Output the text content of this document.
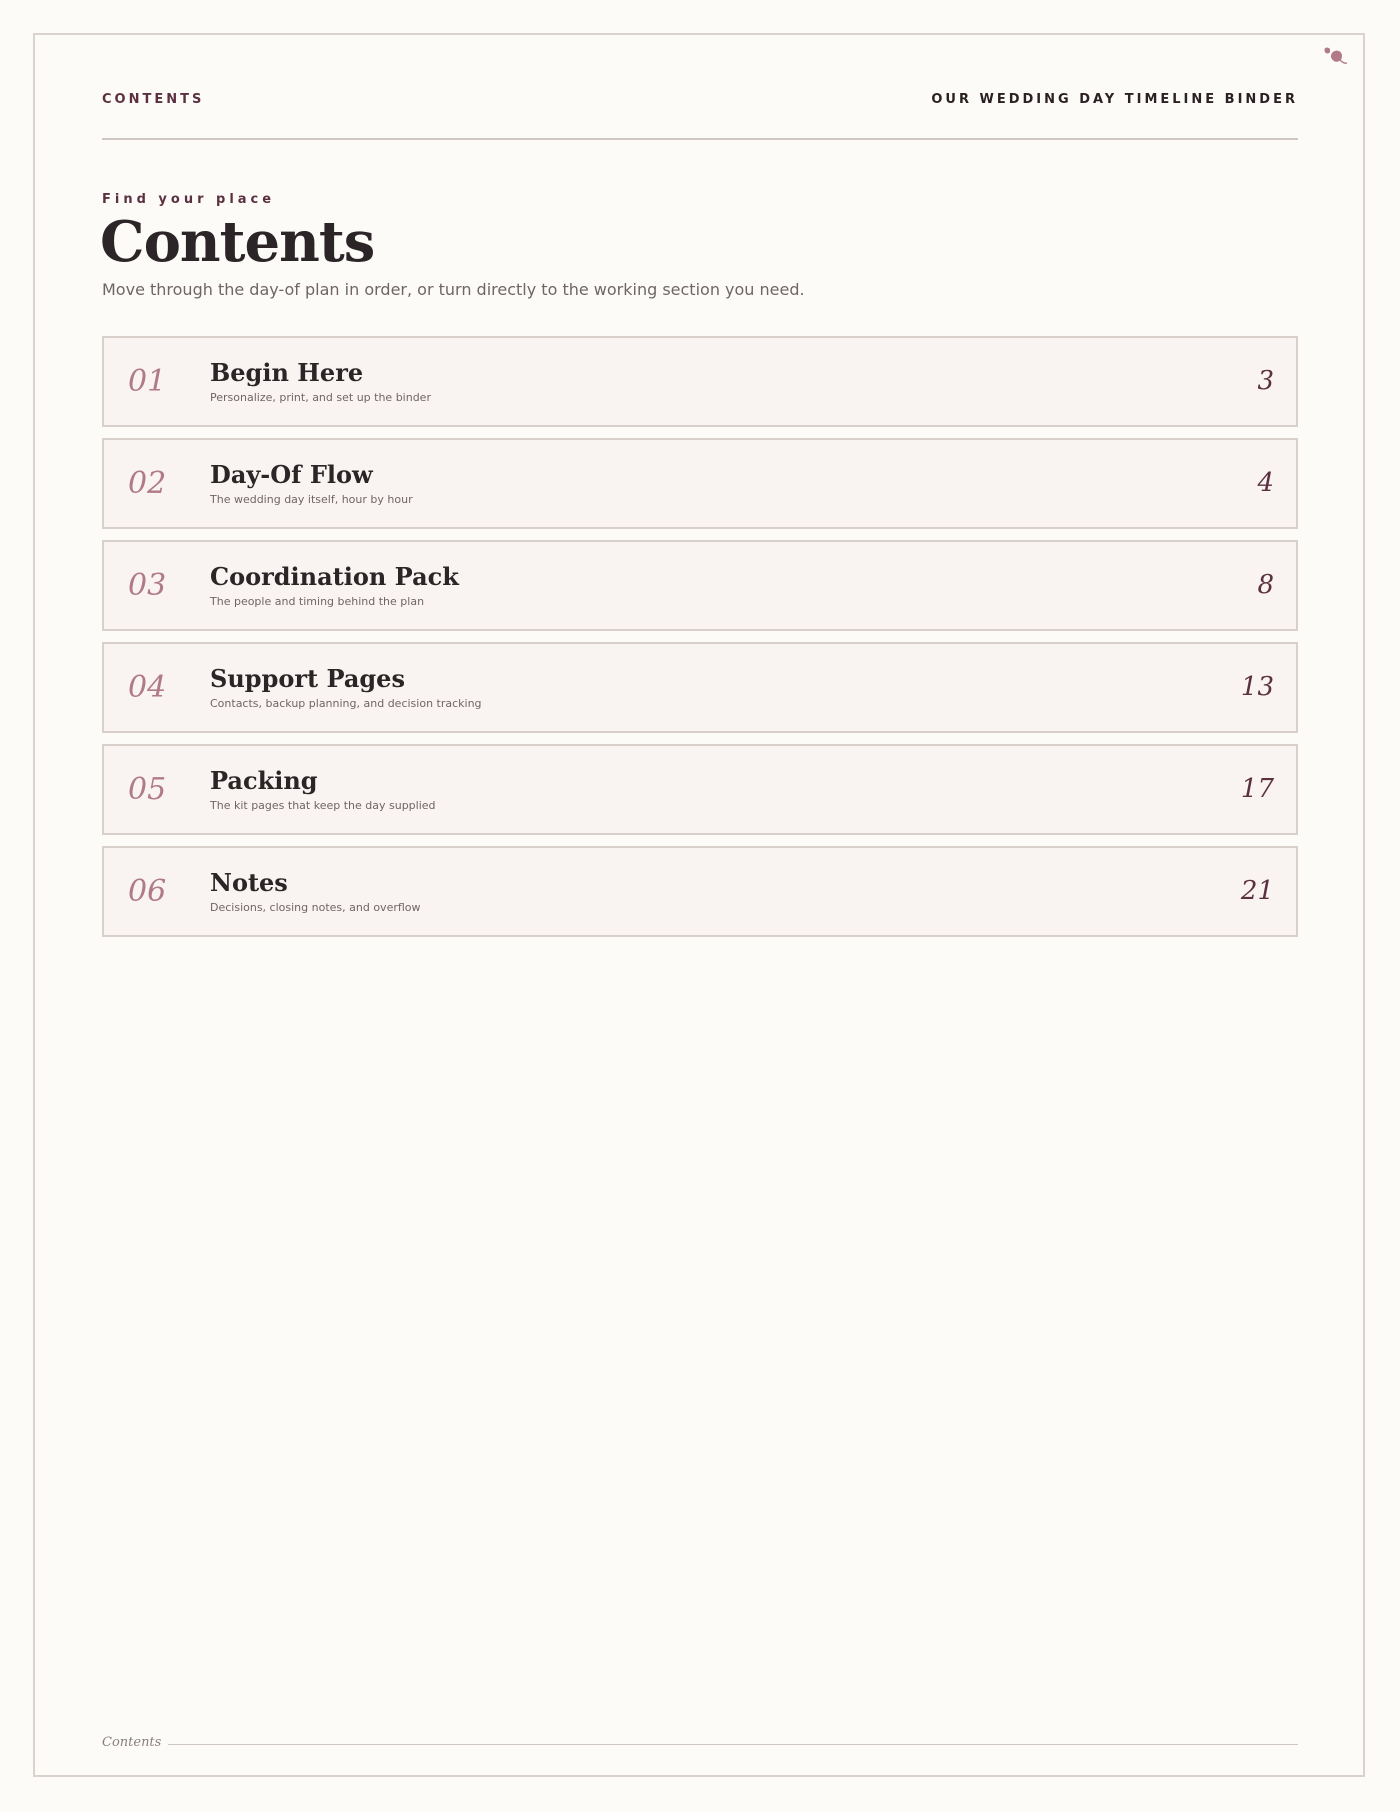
CONTENTS	OUR WEDDING DAY TIMELINE BINDER
Find your place
Contents
Move through the day-of plan in order, or turn directly to the working section you need.
01 Begin Here
Personalize, print, and set up the binder
3
02 Day-Of Flow
The wedding day itself, hour by hour
4
03 Coordination Pack
The people and timing behind the plan
8
04 Support Pages
Contacts, backup planning, and decision tracking
13
05 Packing
The kit pages that keep the day supplied
17
06 Notes
Decisions, closing notes, and overflow
21
Contents
